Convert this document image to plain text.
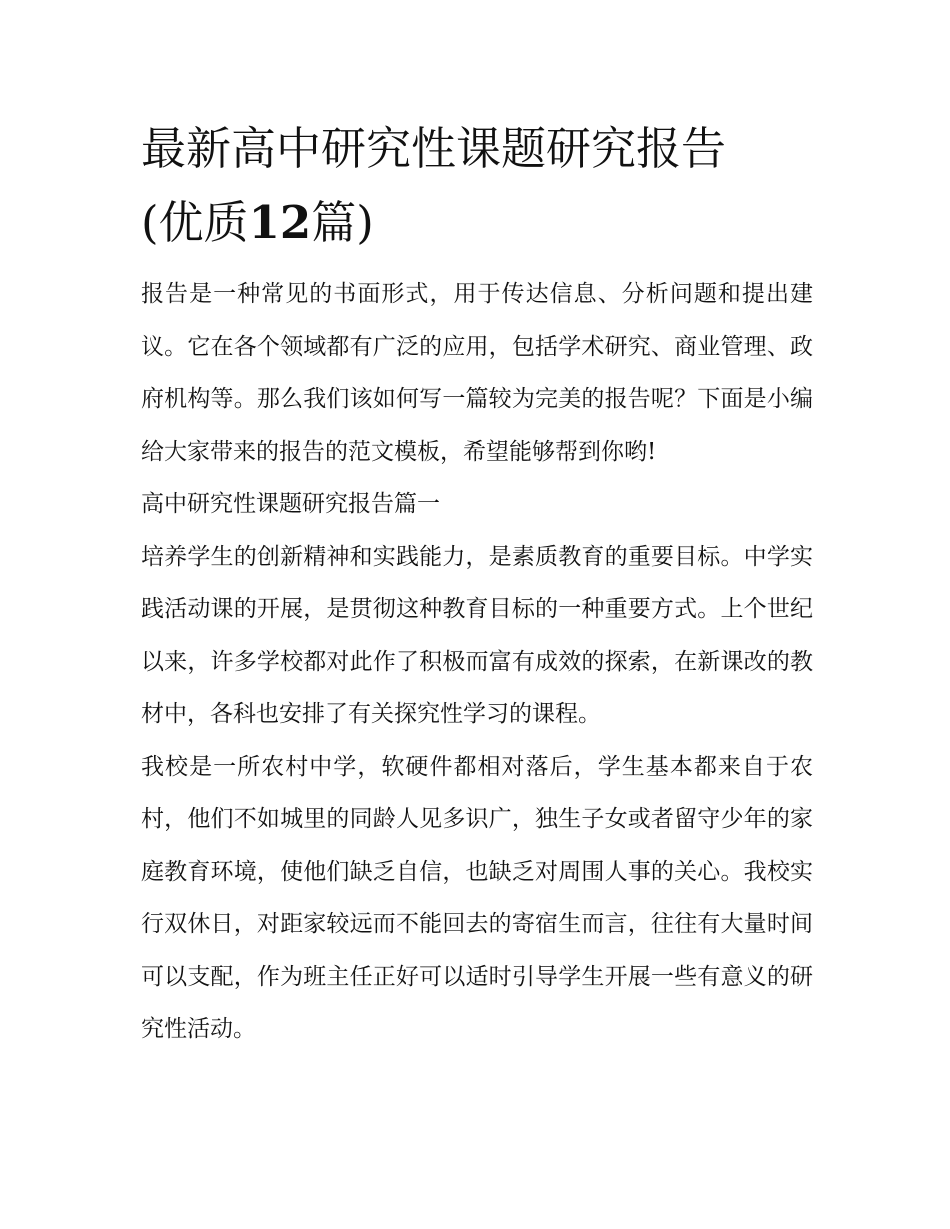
最新高中研究性课题研究报告
(优质12篇)

报告是一种常见的书面形式，用于传达信息、分析问题和提出建议。它在各个领域都有广泛的应用，包括学术研究、商业管理、政府机构等。那么我们该如何写一篇较为完美的报告呢？下面是小编给大家带来的报告的范文模板，希望能够帮到你哟!

高中研究性课题研究报告篇一

培养学生的创新精神和实践能力，是素质教育的重要目标。中学实践活动课的开展，是贯彻这种教育目标的一种重要方式。上个世纪以来，许多学校都对此作了积极而富有成效的探索，在新课改的教材中，各科也安排了有关探究性学习的课程。

我校是一所农村中学，软硬件都相对落后，学生基本都来自于农村，他们不如城里的同龄人见多识广，独生子女或者留守少年的家庭教育环境，使他们缺乏自信，也缺乏对周围人事的关心。我校实行双休日，对距家较远而不能回去的寄宿生而言，往往有大量时间可以支配，作为班主任正好可以适时引导学生开展一些有意义的研究性活动。
